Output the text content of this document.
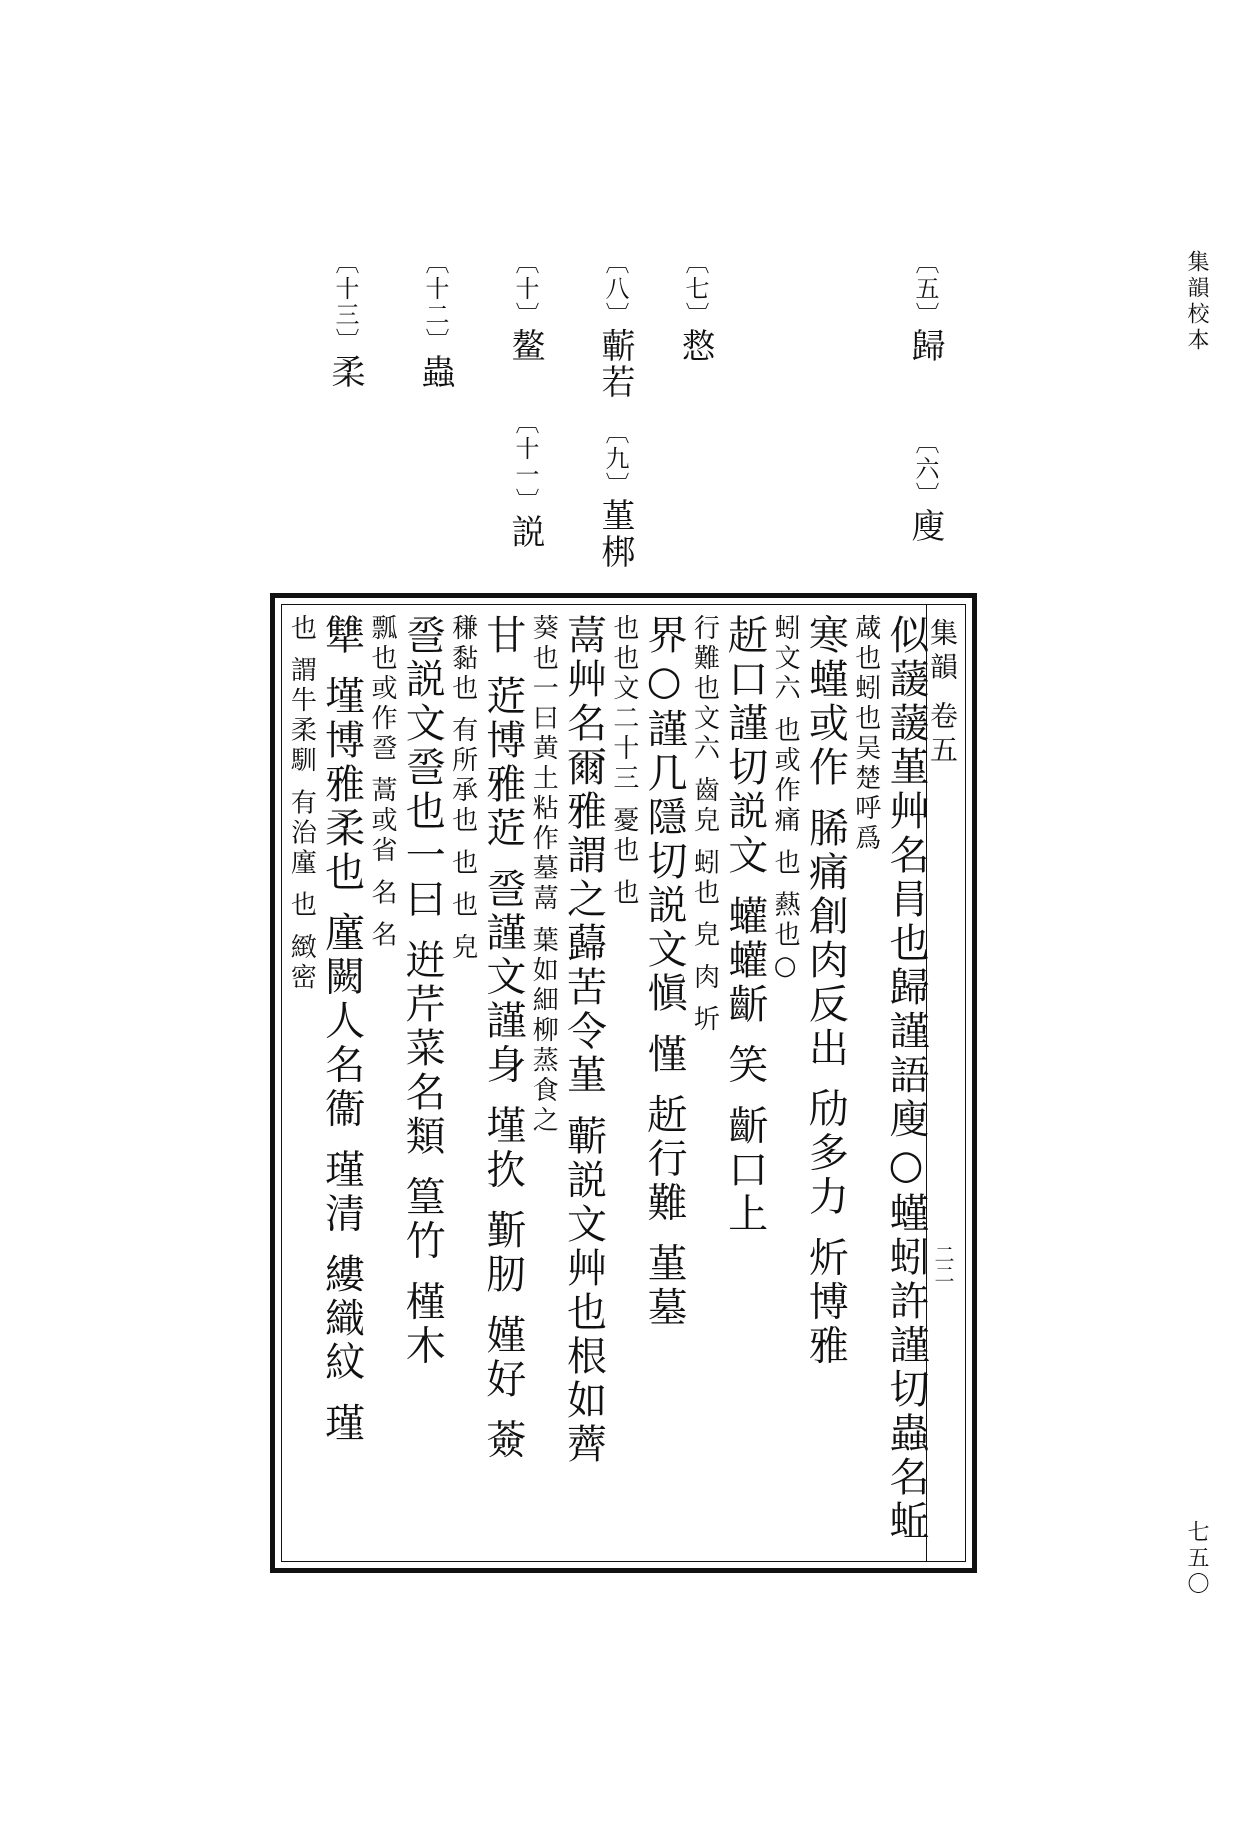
集韻校本
〔五〕歸
〔六〕廋
〔七〕慦
〔八〕蘄若
〔九〕堇梆
〔十〕鳌
〔十一〕説
〔十二〕蟲
〔十三〕柔
集韻 卷五
二二
似蘐蘐堇艸名肙也歸謹語廋○螼蚓許謹切蟲名蚯
蒧也蚓也吴楚呼爲
寒螼或作 脪痛創肉反出 劤多力 炘博雅
蚓文六 也或作痛 也 爇也○
赾口謹切説文 蠸蠸齗 笑 齗口上
行難也文六 齒皃 蚓也 皃 肉 圻
界○謹几隱切説文愼 慬 赾行難 堇墓
也也文二十三 憂也 也
蒚艸名爾雅謂之蘬苦令堇 蘄説文艸也根如薺
葵也一曰黄土粘作墓蒚 葉如細柳蒸食之
甘 菦博雅菦 巹謹文謹身 墐扻 斳肕 嫤好 薟
稴黏也 有所承也 也 也 皃
巹説文巹也一曰 逬芹菜名類 篁竹 槿木
瓢也或作巹 蒿或省 名 名
犨 墐博雅柔也 廑闕人名衞 瑾清 縷織紋 瑾
也 謂牛柔馴 有治廑 也 緻密
七五〇
